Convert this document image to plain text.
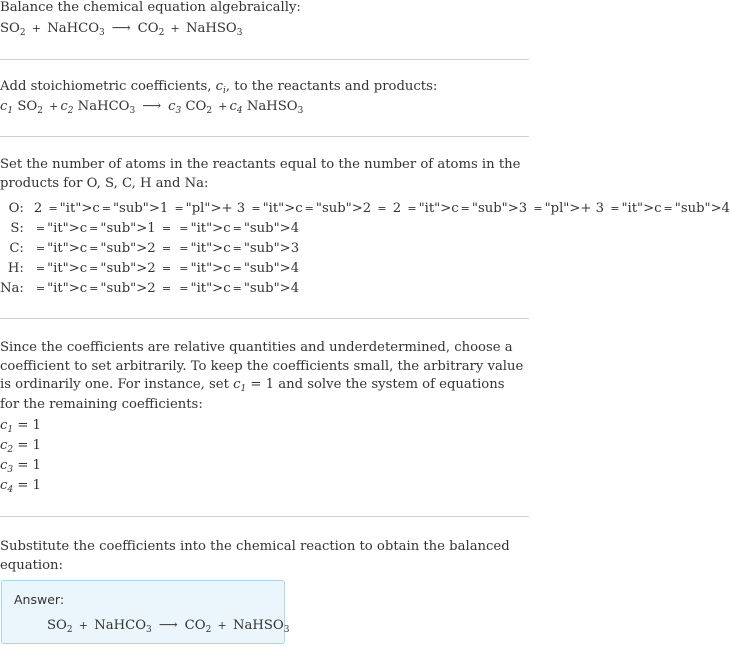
Balance the chemical equation algebraically:
$SO_2$ + NaHCO$_3$ ⟶ $CO_2$ + NaHSO$_3$
Add stoichiometric coefficients, $c_i$, to the reactants and products:
$c_1$ $SO_2 + c_2$ NaHCO$_3$ ⟶ $c_3$ $CO_2 + c_4$ NaHSO$_3$
Set the number of atoms in the reactants equal to the number of atoms in the products for O, S, C, H and Na:
O:	2 = "it">c = "sub">1 = "pl">+ 3 = "it">c = "sub">2 = 2 = "it">c = "sub">3 = "pl">+ 3 = "it">c = "sub">4
S:	= "it">c = "sub">1 = = "it">c = "sub">4
C:	= "it">c = "sub">2 = = "it">c = "sub">3
H:	= "it">c = "sub">2 = = "it">c = "sub">4
Na:	= "it">c = "sub">2 = = "it">c = "sub">4
Since the coefficients are relative quantities and underdetermined, choose a coefficient to set arbitrarily. To keep the coefficients small, the arbitrary value is ordinarily one. For instance, set $c_1 = 1$ and solve the system of equations for the remaining coefficients:
$c_1 = 1$
$c_2 = 1$
$c_3 = 1$
$c_4 = 1$
Substitute the coefficients into the chemical reaction to obtain the balanced equation:
Answer:
$SO_2$ + NaHCO$_3$ ⟶ $CO_2$ + NaHSO$_3$
